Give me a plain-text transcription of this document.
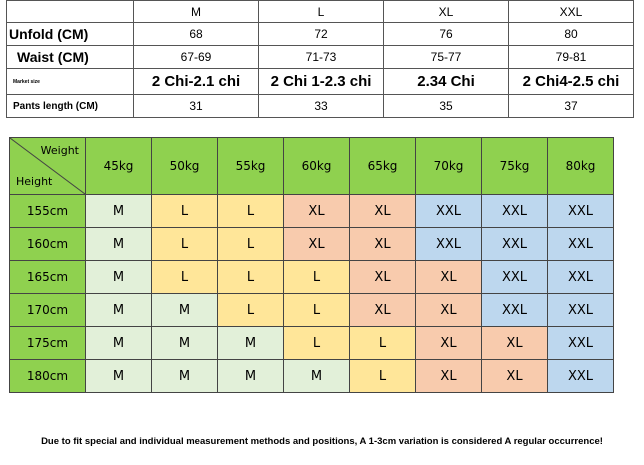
	M	L	XL	XXL
Unfold (CM)	68	72	76	80
Waist (CM)	67-69	71-73	75-77	79-81
Market size	2 Chi-2.1 chi	2 Chi 1-2.3 chi	2.34 Chi	2 Chi4-2.5 chi
Pants length (CM)	31	33	35	37
Weight
Height	45kg	50kg	55kg	60kg	65kg	70kg	75kg	80kg
155cm	M	L	L	XL	XL	XXL	XXL	XXL
160cm	M	L	L	XL	XL	XXL	XXL	XXL
165cm	M	L	L	L	XL	XL	XXL	XXL
170cm	M	M	L	L	XL	XL	XXL	XXL
175cm	M	M	M	L	L	XL	XL	XXL
180cm	M	M	M	M	L	XL	XL	XXL
Due to fit special and individual measurement methods and positions, A 1-3cm variation is considered A regular occurrence!
